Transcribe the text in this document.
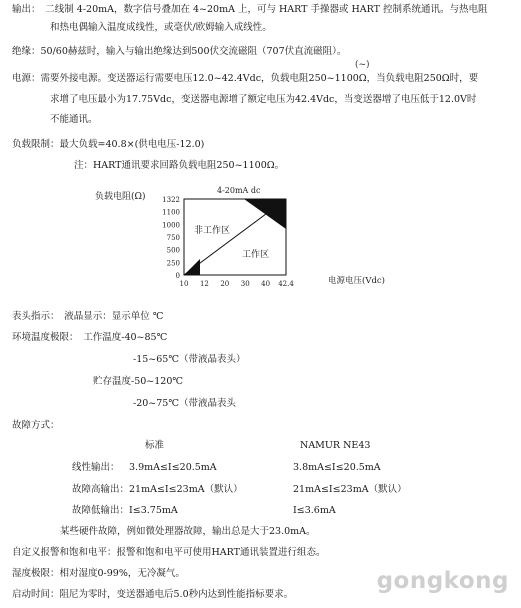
输出：　二线制 4-20mA，数字信号叠加在 4~20mA 上，可与 HART 手操器或 HART 控制系统通讯。与热电阻
和热电偶输入温度成线性，或毫伏/欧姆输入成线性。
绝缘：50/60赫兹时，输入与输出绝缘达到500伏交流磁阻（707伏直流磁阻）。
电源：需要外接电源。变送器运行需要电压12.0~42.4Vdc，负载电阻250~1100Ω，当负载电阻250Ω时，要
(~)
求增了电压最小为17.75Vdc，变送器电源增了额定电压为42.4Vdc，当变送器增了电压低于12.0V时
不能通讯。
负载限制：最大负载=40.8×(供电电压-12.0)
注：HART通讯要求回路负载电阻250~1100Ω。
负载电阻(Ω)
4-20mA dc
1322
1100
1000
750
500
250
0
10 12 20 30 40 42.4
非工作区
工作区
电源电压(Vdc)
表头指示：　液晶显示：显示单位 ℃
环境温度极限：　工作温度-40~85℃
-15~65℃（带液晶表头）
贮存温度-50~120℃
-20~75℃（带液晶表头
故障方式：
标准	NAMUR NE43
线性输出： 3.9mA≤I≤20.5mA	3.8mA≤I≤20.5mA
故障高输出： 21mA≤I≤23mA（默认）	21mA≤I≤23mA（默认）
故障低输出： I≤3.75mA	I≤3.6mA
某些硬件故障，例如微处理器故障，输出总是大于23.0mA。
自定义报警和饱和电平：报警和饱和电平可使用HART通讯装置进行组态。
湿度极限：相对湿度0-99%，无冷凝气。
启动时间：阻尼为零时，变送器通电后5.0秒内达到性能指标要求。
gongkong
